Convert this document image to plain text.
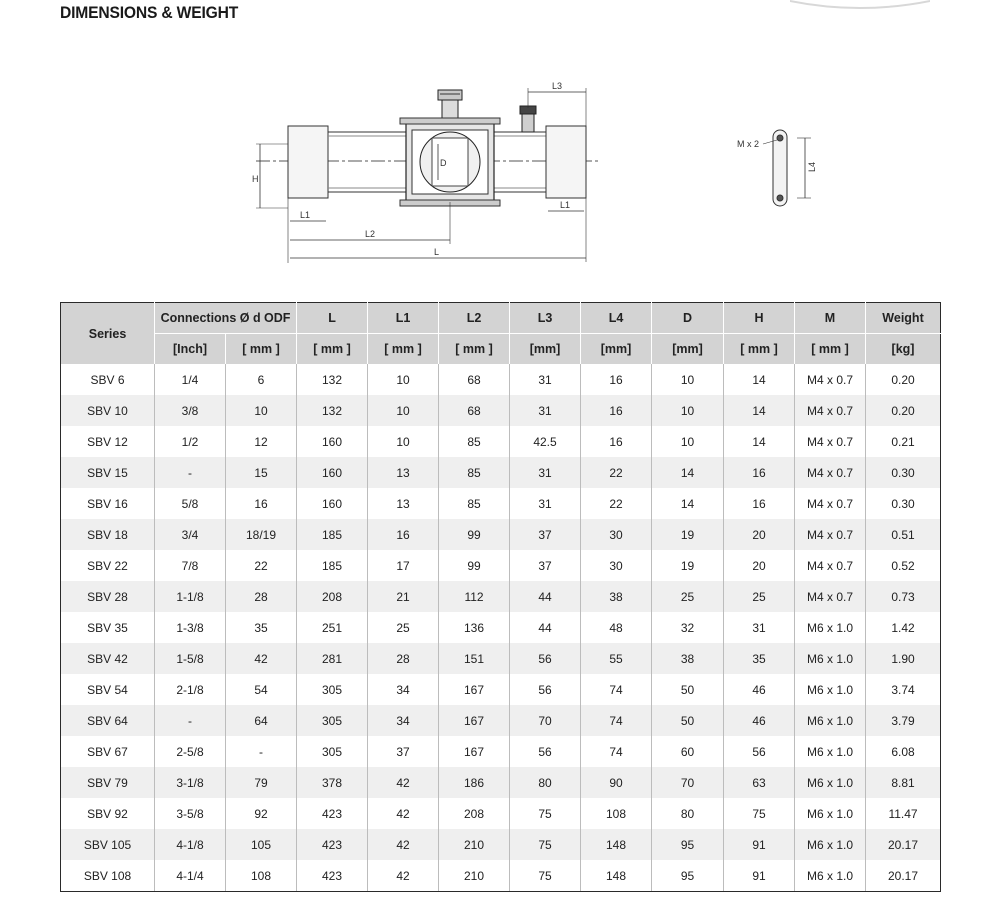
DIMENSIONS & WEIGHT
H
D
L1
L1
L2
L
L3
M x 2
L4
Series	Connections Ø d ODF		L	L1	L2	L3	L4	D	H	M	Weight
	[Inch]	[ mm ]	[ mm ]	[ mm ]	[ mm ]	[mm]	[mm]	[mm]	[ mm ]	[ mm ]	[kg]
SBV 6	1/4	6	132	10	68	31	16	10	14	M4 x 0.7	0.20
SBV 10	3/8	10	132	10	68	31	16	10	14	M4 x 0.7	0.20
SBV 12	1/2	12	160	10	85	42.5	16	10	14	M4 x 0.7	0.21
SBV 15	-	15	160	13	85	31	22	14	16	M4 x 0.7	0.30
SBV 16	5/8	16	160	13	85	31	22	14	16	M4 x 0.7	0.30
SBV 18	3/4	18/19	185	16	99	37	30	19	20	M4 x 0.7	0.51
SBV 22	7/8	22	185	17	99	37	30	19	20	M4 x 0.7	0.52
SBV 28	1-1/8	28	208	21	112	44	38	25	25	M4 x 0.7	0.73
SBV 35	1-3/8	35	251	25	136	44	48	32	31	M6 x 1.0	1.42
SBV 42	1-5/8	42	281	28	151	56	55	38	35	M6 x 1.0	1.90
SBV 54	2-1/8	54	305	34	167	56	74	50	46	M6 x 1.0	3.74
SBV 64	-	64	305	34	167	70	74	50	46	M6 x 1.0	3.79
SBV 67	2-5/8	-	305	37	167	56	74	60	56	M6 x 1.0	6.08
SBV 79	3-1/8	79	378	42	186	80	90	70	63	M6 x 1.0	8.81
SBV 92	3-5/8	92	423	42	208	75	108	80	75	M6 x 1.0	11.47
SBV 105	4-1/8	105	423	42	210	75	148	95	91	M6 x 1.0	20.17
SBV 108	4-1/4	108	423	42	210	75	148	95	91	M6 x 1.0	20.17
